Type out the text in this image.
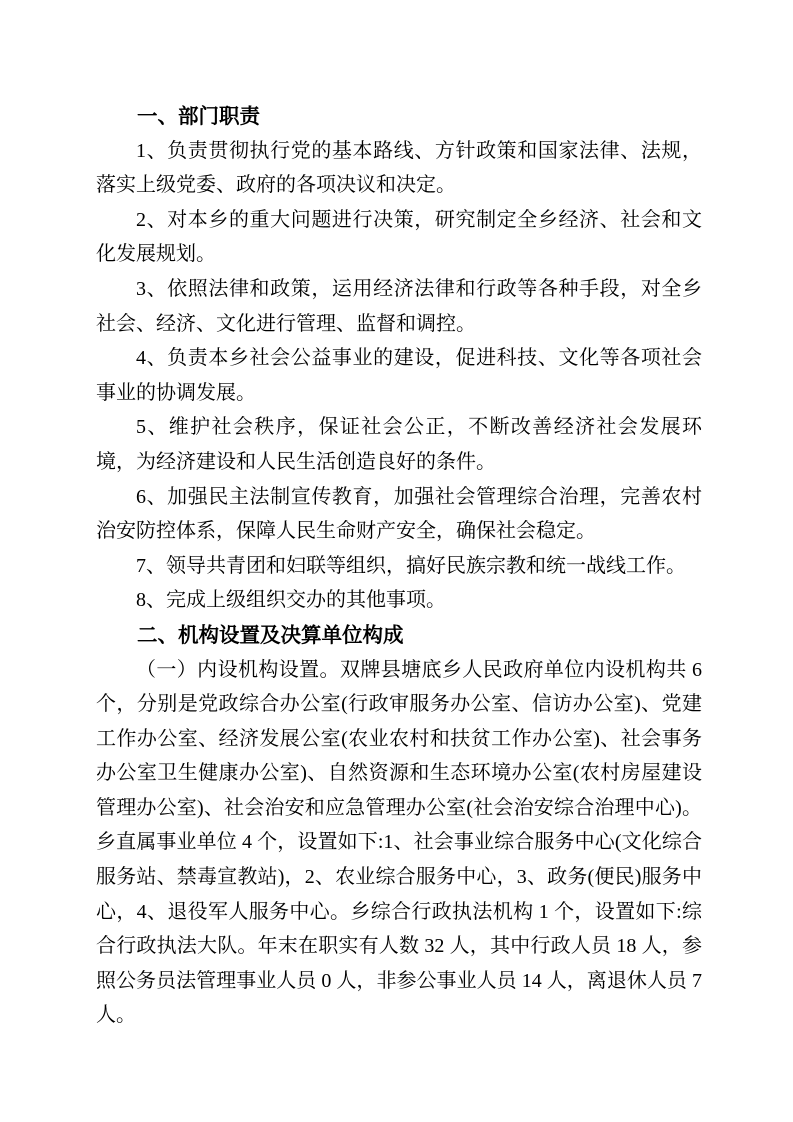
一、部门职责

1、负责贯彻执行党的基本路线、方针政策和国家法律、法规，落实上级党委、政府的各项决议和决定。

2、对本乡的重大问题进行决策，研究制定全乡经济、社会和文化发展规划。

3、依照法律和政策，运用经济法律和行政等各种手段，对全乡社会、经济、文化进行管理、监督和调控。

4、负责本乡社会公益事业的建设，促进科技、文化等各项社会事业的协调发展。

5、维护社会秩序，保证社会公正，不断改善经济社会发展环境，为经济建设和人民生活创造良好的条件。

6、加强民主法制宣传教育，加强社会管理综合治理，完善农村治安防控体系，保障人民生命财产安全，确保社会稳定。

7、领导共青团和妇联等组织，搞好民族宗教和统一战线工作。

8、完成上级组织交办的其他事项。

二、机构设置及决算单位构成

（一）内设机构设置。双牌县塘底乡人民政府单位内设机构共 6 个，分别是党政综合办公室(行政审服务办公室、信访办公室)、党建工作办公室、经济发展公室(农业农村和扶贫工作办公室)、社会事务办公室卫生健康办公室)、自然资源和生态环境办公室(农村房屋建设管理办公室)、社会治安和应急管理办公室(社会治安综合治理中心)。乡直属事业单位 4 个，设置如下:1、社会事业综合服务中心(文化综合服务站、禁毒宣教站)，2、农业综合服务中心，3、政务(便民)服务中心，4、退役军人服务中心。乡综合行政执法机构 1 个，设置如下:综合行政执法大队。年末在职实有人数 32 人，其中行政人员 18 人，参照公务员法管理事业人员 0 人，非参公事业人员 14 人，离退休人员 7 人。
